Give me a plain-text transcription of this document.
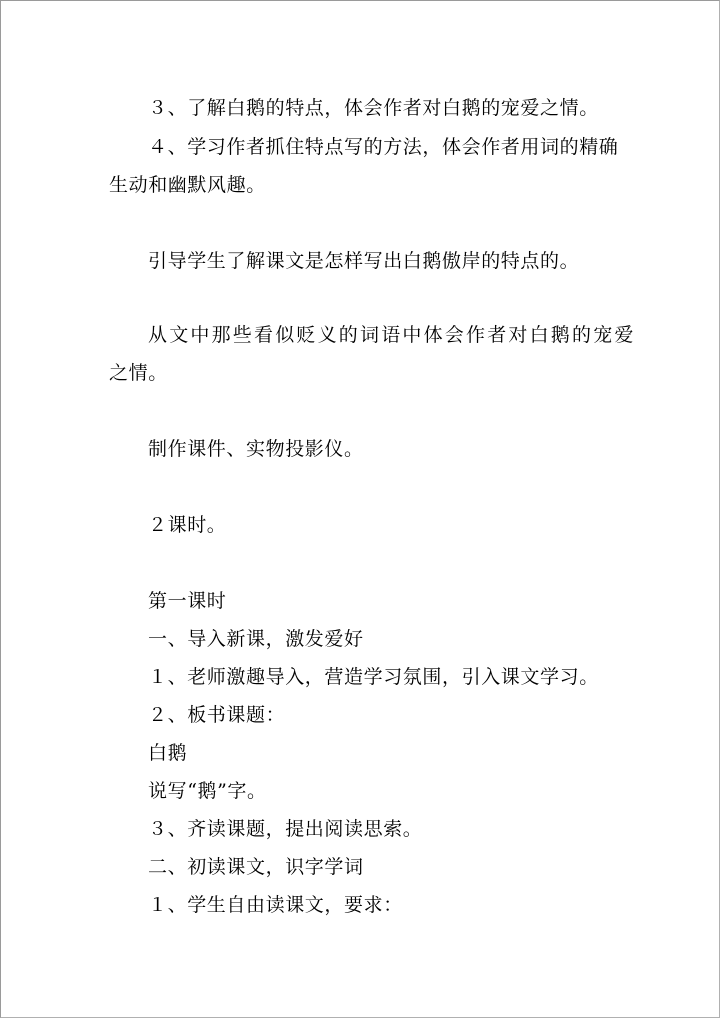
３、了解白鹅的特点，体会作者对白鹅的宠爱之情。
４、学习作者抓住特点写的方法，体会作者用词的精确
生动和幽默风趣。
引导学生了解课文是怎样写出白鹅傲岸的特点的。
从文中那些看似贬义的词语中体会作者对白鹅的宠爱
之情。
制作课件、实物投影仪。
２课时。
第一课时
一、导入新课，激发爱好
１、老师激趣导入，营造学习氛围，引入课文学习。
２、板书课题：
白鹅
说写“鹅”字。
３、齐读课题，提出阅读思索。
二、初读课文，识字学词
１、学生自由读课文，要求：
